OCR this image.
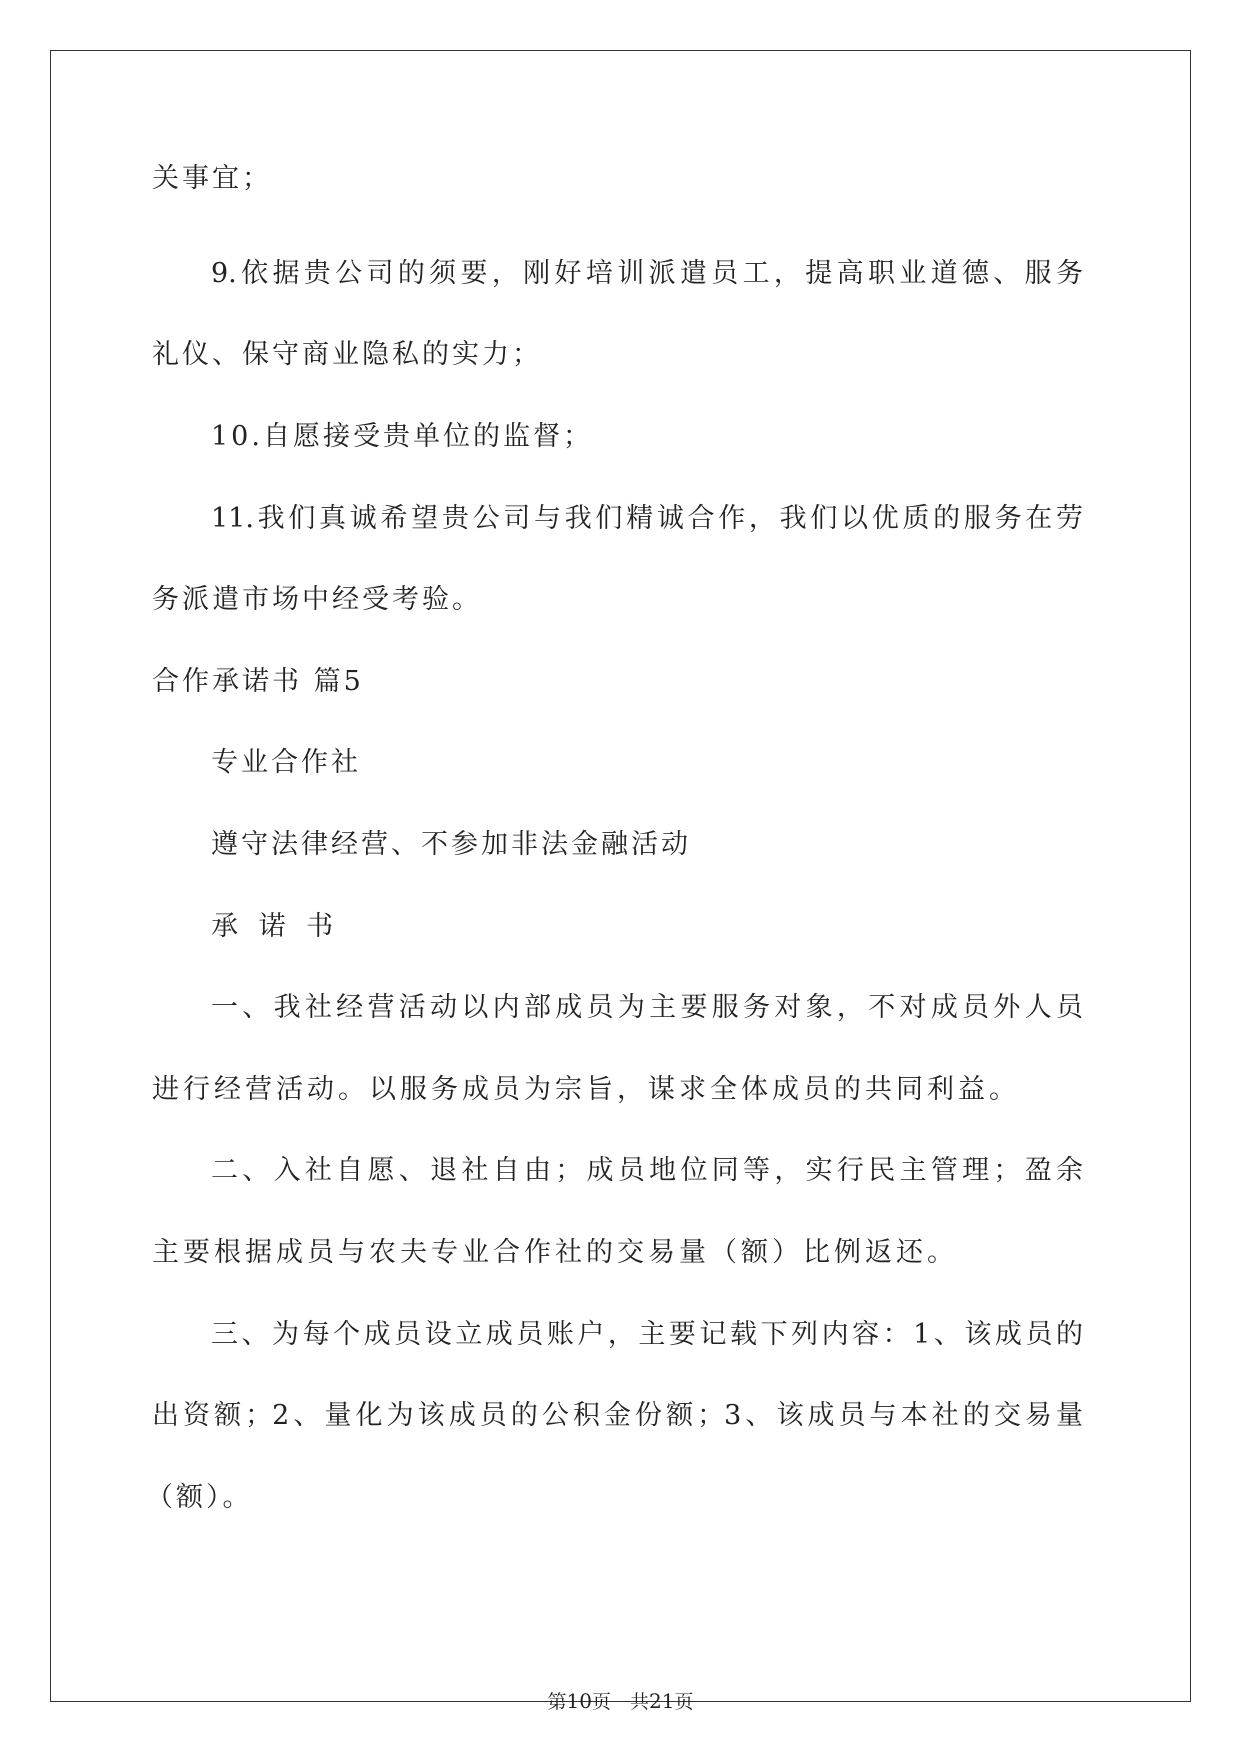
关事宜；
9.依据贵公司的须要，刚好培训派遣员工，提高职业道德、服务
礼仪、保守商业隐私的实力；
10.自愿接受贵单位的监督；
11.我们真诚希望贵公司与我们精诚合作，我们以优质的服务在劳
务派遣市场中经受考验。
合作承诺书 篇5
专业合作社
遵守法律经营、不参加非法金融活动
承 诺 书
一、我社经营活动以内部成员为主要服务对象，不对成员外人员
进行经营活动。以服务成员为宗旨，谋求全体成员的共同利益。
二、入社自愿、退社自由；成员地位同等，实行民主管理；盈余
主要根据成员与农夫专业合作社的交易量（额）比例返还。
三、为每个成员设立成员账户，主要记载下列内容：1、该成员的
出资额；2、量化为该成员的公积金份额；3、该成员与本社的交易量
（额）。
第10页　共21页
